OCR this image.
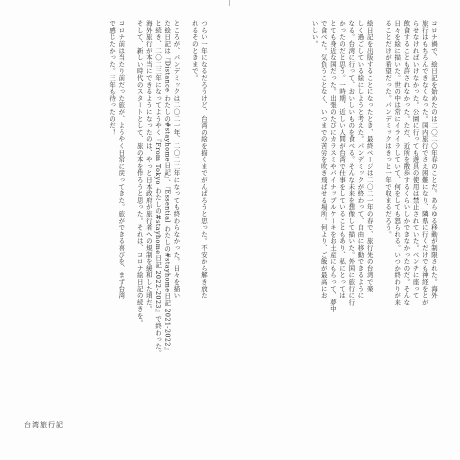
コロナ禍で、絵日記を始めたのは二〇二〇年春のことだ。あらゆる移動が制限された。海外
旅行はもちろんできなくなった。国内旅行でさえ困難になり、隣県に行くだけでも神経をとが
らせなければいけなかった。公園に行っても遊具の使用は禁止されていた。ベンチに座って
飲食することも許されなかった。ただ、近所を散歩するくらいしかできなかったのだ。そんな
日々を絵に描いた。世の中は常にイライラしていて、何をしても怒られる。いつか終わりが来
ることだけが希望だった。パンデミックはきっと一年で収まるだろう。
絵日記を出版することになったとき、最終ページは二〇二一年の春で、旅行先の台湾で楽
しく過ごしている絵にしようと考えた。パンデミックが終わって、自由に移動できるように
なる。台湾に行って、おいしいものを食べる。そんな未来を想像して描いた。外国に旅行に行
かったのだと思う。一時期、近しい人間が台湾で仕事をしていることもあり、私にとっては
とても身近な国だった。出張のたびにカラスミやパイナップルケーキをお土産にもらって、夢中
で食べた。気負うことなく、いつまでの苦労を吹き飛ばせる場所。何より、ご飯が最高にお
いしい。
つらい一年になるだろうけど、台湾の絵を描くまでがんばろうと思った。不安から解き放た
れるそのときまで。
ところが、パンデミックは二〇二一年、二〇二二年になっても終わらなかった。日々を描い
た絵日記は『Distance わたしの#stayhome日記』、『Essential わたしの#stayhome日記 2021-2022』
と続き、二〇二三年になってようやく『From Tokyo わたしの#stayhome日記 2022-2023』で終わった。
海外旅行が本当にできるようになったのは、やっと日本政府が旅行者への規制を緩和した頃だ。
そして、新しい時代のスタートとして、旅の本を作ろうと思った。それは、コロナ絵日記の続きを。
コロナ前は当たり前だった旅が、ようやく日常に戻ってきた。旅ができる喜びを、まず台湾
で感じたかった。三年も待ったのだ！
台湾旅行記
